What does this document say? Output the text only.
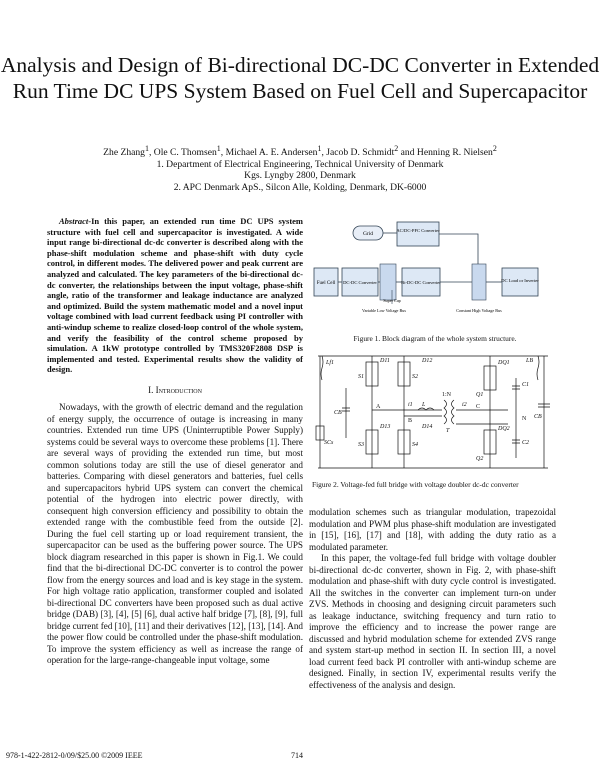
Analysis and Design of Bi-directional DC-DC Converter in Extended Run Time DC UPS System Based on Fuel Cell and Supercapacitor
Zhe Zhang$^1$, Ole C. Thomsen$^1$, Michael A. E. Andersen$^1$, Jacob D. Schmidt$^2$ and Henning R. Nielsen$^2$
1. Department of Electrical Engineering, Technical University of Denmark
Kgs. Lyngby 2800, Denmark
2. APC Denmark ApS., Silcon Alle, Kolding, Denmark, DK-6000

Abstract-In this paper, an extended run time DC UPS system structure with fuel cell and supercapacitor is investigated. A wide input range bi-directional dc-dc converter is described along with the phase-shift modulation scheme and phase-shift with duty cycle control, in different modes. The delivered power and peak current are analyzed and calculated. The key parameters of the bi-directional dc-dc converter, the relationships between the input voltage, phase-shift angle, ratio of the transformer and leakage inductance are analyzed and optimized. Build the system mathematic model and a novel input voltage combined with load current feedback using PI controller with anti-windup scheme to realize closed-loop control of the whole system, and verify the feasibility of the control scheme proposed by simulation. A 1kW prototype controlled by TMS320F2808 DSP is implemented and tested. Experimental results show the validity of design.

I. Introduction

Nowadays, with the growth of electric demand and the regulation of energy supply, the occurrence of outage is increasing in many countries. Extended run time UPS (Uninterruptible Power Supply) systems could be several ways to overcome these problems [1]. There are several ways of providing the extended run time, but most common solutions today are still the use of diesel generator and batteries. Comparing with diesel generators and batteries, fuel cells and supercapacitors hybrid UPS system can convert the chemical potential of the hydrogen into electric power directly, with consequent high conversion efficiency and possibility to obtain the extended range with the combustible feed from the outside [2]. During the fuel cell starting up or load requirement transient, the supercapacitor can be used as the buffering power source. The UPS block diagram researched in this paper is shown in Fig.1. We could find that the bi-directional DC-DC converter is to control the power flow from the energy sources and load and is key stage in the system. For high voltage ratio application, transformer coupled and isolated bi-directional DC converters have been proposed such as dual active bridge (DAB) [3], [4], [5] [6], dual active half bridge [7], [8], [9], full bridge current fed [10], [11] and their derivatives [12], [13], [14]. And the power flow could be controlled under the phase-shift modulation. To improve the system efficiency as well as increase the range of operation for the large-range-changeable input voltage, some

Grid
AC/DC-PFC Converter
Fuel Cell DC-DC Converter	Bi-DC-DC Converter	DC Load or Inverter
Super Cap
Variable Low Voltage Bus	Constant High Voltage Bus
Figure 1. Block diagram of the whole system structure.
Lf1
SCs
CB
S1	S2
S3	S4
D11	D12
D13	D14
A
B
L
i1	i2
T
1:N
C
N
DQ1
DQ2
Q1
Q2
C1
C2
LB
CB
Figure 2. Voltage-fed full bridge with voltage doubler dc-dc converter

modulation schemes such as triangular modulation, trapezoidal modulation and PWM plus phase-shift modulation are investigated in [15], [16], [17] and [18], with adding the duty ratio as a modulated parameter.

In this paper, the voltage-fed full bridge with voltage doubler bi-directional dc-dc converter, shown in Fig. 2, with phase-shift modulation and phase-shift with duty cycle control is investigated. All the switches in the converter can implement turn-on under ZVS. Methods in choosing and designing circuit parameters such as leakage inductance, switching frequency and turn ratio to improve the efficiency and to increase the power range are discussed and hybrid modulation scheme for extended ZVS range and system start-up method in section II. In section III, a novel load current feed back PI controller with anti-windup scheme are designed. Finally, in section IV, experimental results verify the effectiveness of the analysis and design.

978-1-422-2812-0/09/$25.00 ©2009 IEEE	714
